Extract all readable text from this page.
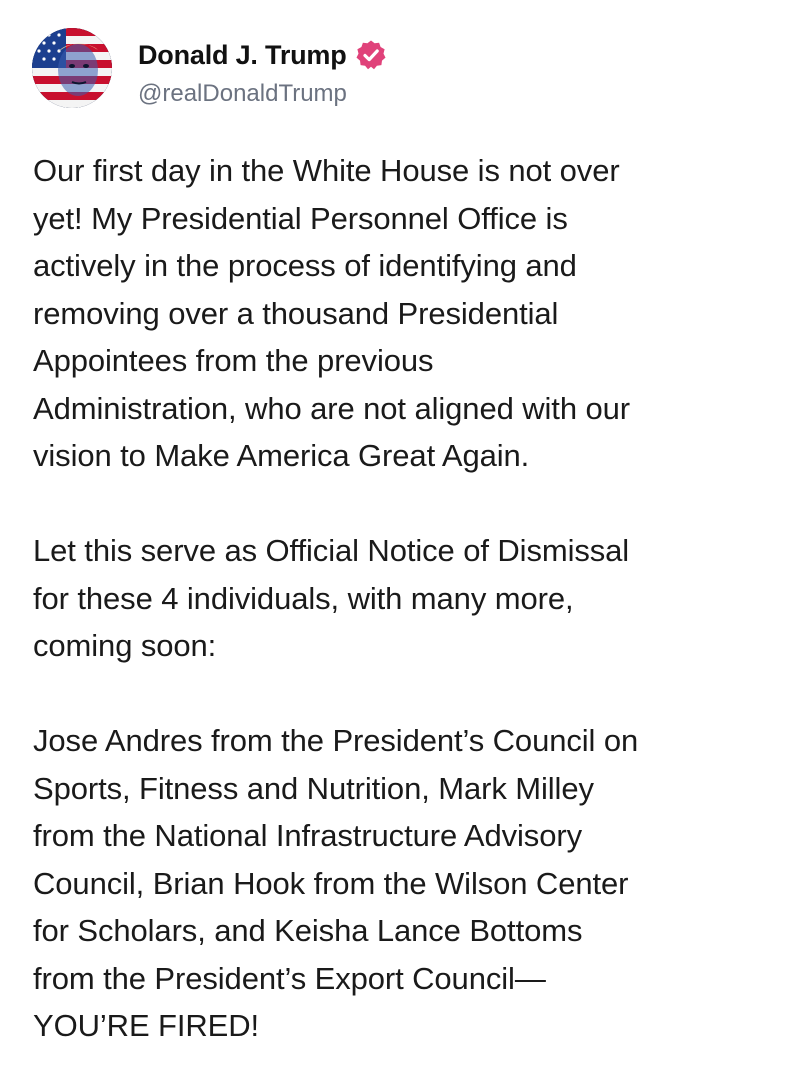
Donald J. Trump
@realDonaldTrump
Our first day in the White House is not over
yet! My Presidential Personnel Office is
actively in the process of identifying and
removing over a thousand Presidential
Appointees from the previous
Administration, who are not aligned with our
vision to Make America Great Again.
Let this serve as Official Notice of Dismissal
for these 4 individuals, with many more,
coming soon:
Jose Andres from the President’s Council on
Sports, Fitness and Nutrition, Mark Milley
from the National Infrastructure Advisory
Council, Brian Hook from the Wilson Center
for Scholars, and Keisha Lance Bottoms
from the President’s Export Council—
YOU’RE FIRED!
